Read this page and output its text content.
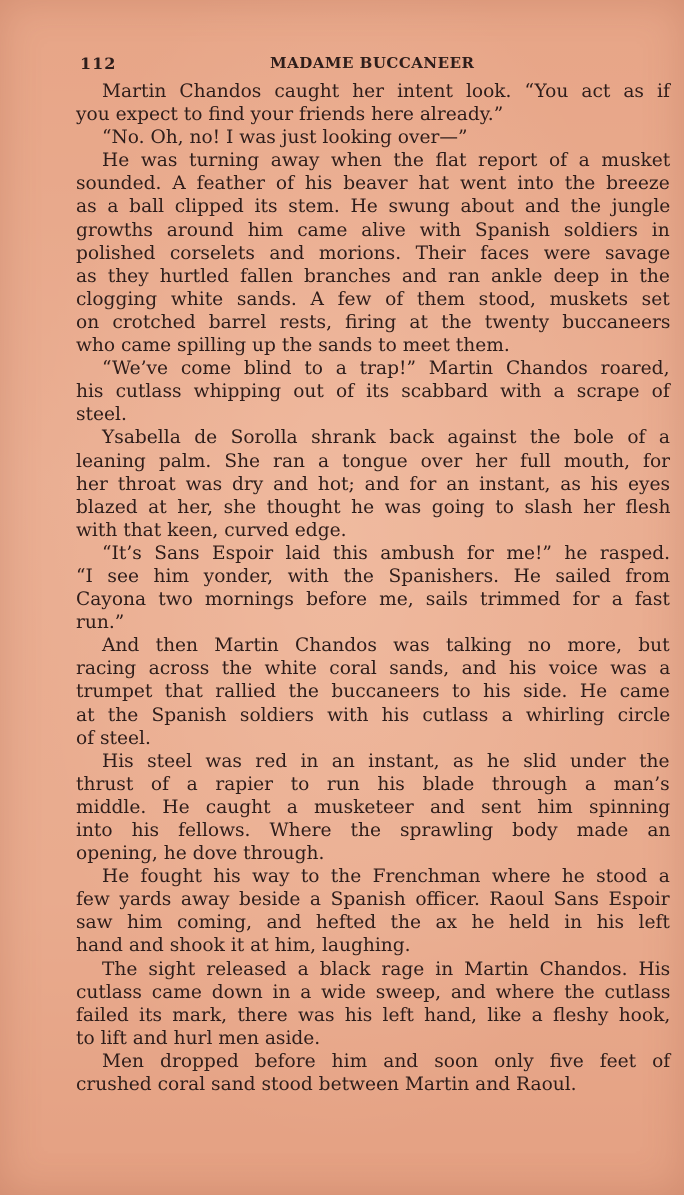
112	MADAME BUCCANEER
Martin Chandos caught her intent look. “You act as if
you expect to find your friends here already.”
“No. Oh, no! I was just looking over—”
He was turning away when the flat report of a musket
sounded. A feather of his beaver hat went into the breeze
as a ball clipped its stem. He swung about and the jungle
growths around him came alive with Spanish soldiers in
polished corselets and morions. Their faces were savage
as they hurtled fallen branches and ran ankle deep in the
clogging white sands. A few of them stood, muskets set
on crotched barrel rests, firing at the twenty buccaneers
who came spilling up the sands to meet them.
“We’ve come blind to a trap!” Martin Chandos roared,
his cutlass whipping out of its scabbard with a scrape of
steel.
Ysabella de Sorolla shrank back against the bole of a
leaning palm. She ran a tongue over her full mouth, for
her throat was dry and hot; and for an instant, as his eyes
blazed at her, she thought he was going to slash her flesh
with that keen, curved edge.
“It’s Sans Espoir laid this ambush for me!” he rasped.
“I see him yonder, with the Spanishers. He sailed from
Cayona two mornings before me, sails trimmed for a fast
run.”
And then Martin Chandos was talking no more, but
racing across the white coral sands, and his voice was a
trumpet that rallied the buccaneers to his side. He came
at the Spanish soldiers with his cutlass a whirling circle
of steel.
His steel was red in an instant, as he slid under the
thrust of a rapier to run his blade through a man’s
middle. He caught a musketeer and sent him spinning
into his fellows. Where the sprawling body made an
opening, he dove through.
He fought his way to the Frenchman where he stood a
few yards away beside a Spanish officer. Raoul Sans Espoir
saw him coming, and hefted the ax he held in his left
hand and shook it at him, laughing.
The sight released a black rage in Martin Chandos. His
cutlass came down in a wide sweep, and where the cutlass
failed its mark, there was his left hand, like a fleshy hook,
to lift and hurl men aside.
Men dropped before him and soon only five feet of
crushed coral sand stood between Martin and Raoul.
